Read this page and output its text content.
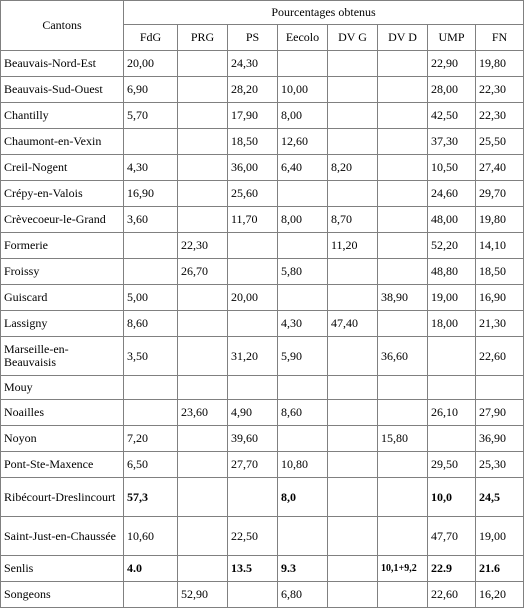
Cantons	Pourcentages obtenus							
	FdG	PRG	PS	Eecolo	DV G	DV D	UMP	FN
Beauvais-Nord-Est	20,00		24,30				22,90	19,80
Beauvais-Sud-Ouest	6,90		28,20	10,00			28,00	22,30
Chantilly	5,70		17,90	8,00			42,50	22,30
Chaumont-en-Vexin			18,50	12,60			37,30	25,50
Creil-Nogent	4,30		36,00	6,40	8,20		10,50	27,40
Crépy-en-Valois	16,90		25,60				24,60	29,70
Crèvecoeur-le-Grand	3,60		11,70	8,00	8,70		48,00	19,80
Formerie		22,30			11,20		52,20	14,10
Froissy		26,70		5,80			48,80	18,50
Guiscard	5,00		20,00			38,90	19,00	16,90
Lassigny	8,60			4,30	47,40		18,00	21,30
Marseille-en-Beauvaisis	3,50		31,20	5,90		36,60		22,60
Mouy								
Noailles		23,60	4,90	8,60			26,10	27,90
Noyon	7,20		39,60			15,80		36,90
Pont-Ste-Maxence	6,50		27,70	10,80			29,50	25,30
Ribécourt-Dreslincourt	57,3			8,0			10,0	24,5
Saint-Just-en-Chaussée	10,60		22,50				47,70	19,00
Senlis	4.0		13.5	9.3		10,1+9,2	22.9	21.6
Songeons		52,90		6,80			22,60	16,20
